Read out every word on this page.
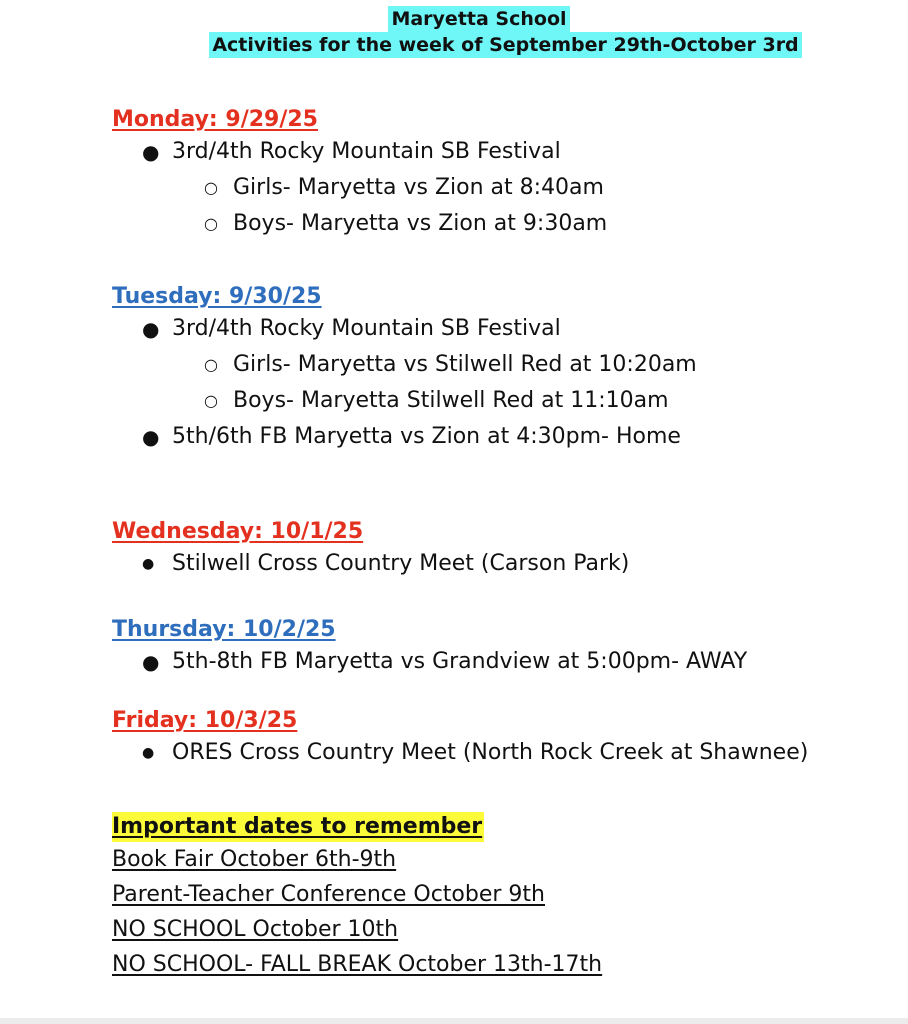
Maryetta School
Activities for the week of September 29th-October 3rd
Monday: 9/29/25
● 3rd/4th Rocky Mountain SB Festival
○ Girls- Maryetta vs Zion at 8:40am
○ Boys- Maryetta vs Zion at 9:30am
Tuesday: 9/30/25
● 3rd/4th Rocky Mountain SB Festival
○ Girls- Maryetta vs Stilwell Red at 10:20am
○ Boys- Maryetta Stilwell Red at 11:10am
● 5th/6th FB Maryetta vs Zion at 4:30pm- Home
Wednesday: 10/1/25
● Stilwell Cross Country Meet (Carson Park)
Thursday: 10/2/25
● 5th-8th FB Maryetta vs Grandview at 5:00pm- AWAY
Friday: 10/3/25
● ORES Cross Country Meet (North Rock Creek at Shawnee)
Important dates to remember
Book Fair October 6th-9th
Parent-Teacher Conference October 9th
NO SCHOOL October 10th
NO SCHOOL- FALL BREAK October 13th-17th
